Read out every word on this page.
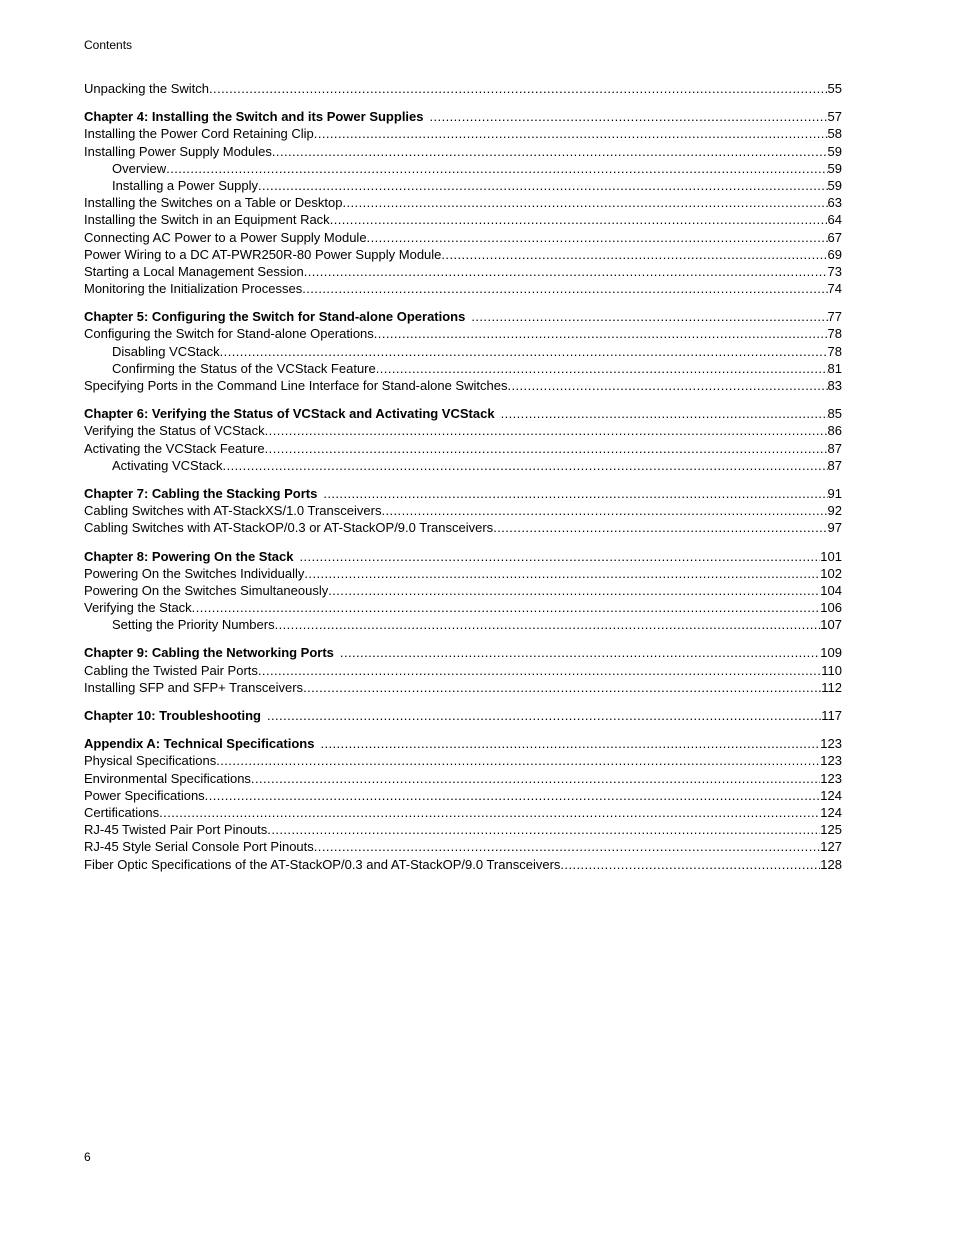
Contents
Unpacking the Switch . . .	55
Chapter 4: Installing the Switch and its Power Supplies . . .	57
Installing the Power Cord Retaining Clip . . .	58
Installing Power Supply Modules . . .	59
Overview . . .	59
Installing a Power Supply . . .	59
Installing the Switches on a Table or Desktop . . .	63
Installing the Switch in an Equipment Rack . . .	64
Connecting AC Power to a Power Supply Module . . .	67
Power Wiring to a DC AT-PWR250R-80 Power Supply Module . . .	69
Starting a Local Management Session . . .	73
Monitoring the Initialization Processes . . .	74
Chapter 5: Configuring the Switch for Stand-alone Operations . . .	77
Configuring the Switch for Stand-alone Operations . . .	78
Disabling VCStack . . .	78
Confirming the Status of the VCStack Feature . . .	81
Specifying Ports in the Command Line Interface for Stand-alone Switches . . .	83
Chapter 6: Verifying the Status of VCStack and Activating VCStack . . .	85
Verifying the Status of VCStack . . .	86
Activating the VCStack Feature . . .	87
Activating VCStack . . .	87
Chapter 7: Cabling the Stacking Ports . . .	91
Cabling Switches with AT-StackXS/1.0 Transceivers . . .	92
Cabling Switches with AT-StackOP/0.3 or AT-StackOP/9.0 Transceivers . . .	97
Chapter 8: Powering On the Stack . . .	101
Powering On the Switches Individually . . .	102
Powering On the Switches Simultaneously . . .	104
Verifying the Stack . . .	106
Setting the Priority Numbers . . .	107
Chapter 9: Cabling the Networking Ports . . .	109
Cabling the Twisted Pair Ports . . .	110
Installing SFP and SFP+ Transceivers . . .	112
Chapter 10: Troubleshooting . . .	117
Appendix A: Technical Specifications . . .	123
Physical Specifications . . .	123
Environmental Specifications . . .	123
Power Specifications . . .	124
Certifications . . .	124
RJ-45 Twisted Pair Port Pinouts . . .	125
RJ-45 Style Serial Console Port Pinouts . . .	127
Fiber Optic Specifications of the AT-StackOP/0.3 and AT-StackOP/9.0 Transceivers . . .	128
6
